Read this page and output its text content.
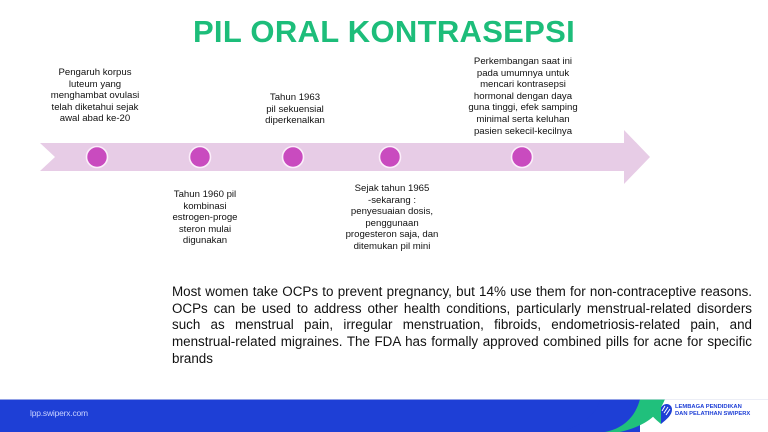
PIL ORAL KONTRASEPSI
Pengaruh korpus
luteum yang
menghambat ovulasi
telah diketahui sejak
awal abad ke-20
Tahun 1960 pil
kombinasi
estrogen-proge
steron mulai
digunakan
Tahun 1963
pil sekuensial
diperkenalkan
Sejak tahun 1965
-sekarang :
penyesuaian dosis,
penggunaan
progesteron saja, dan
ditemukan pil mini
Perkembangan saat ini
pada umumnya untuk
mencari kontrasepsi
hormonal dengan daya
guna tinggi, efek samping
minimal serta keluhan
pasien sekecil-kecilnya
Most women take OCPs to prevent pregnancy, but 14% use them for non-contraceptive reasons. OCPs can be used to address other health conditions, particularly menstrual-related disorders such as menstrual pain, irregular menstruation, fibroids, endometriosis-related pain, and menstrual-related migraines. The FDA has formally approved combined pills for acne for specific brands
lpp.swiperx.com
LEMBAGA PENDIDIKAN
DAN PELATIHAN SWIPERX
